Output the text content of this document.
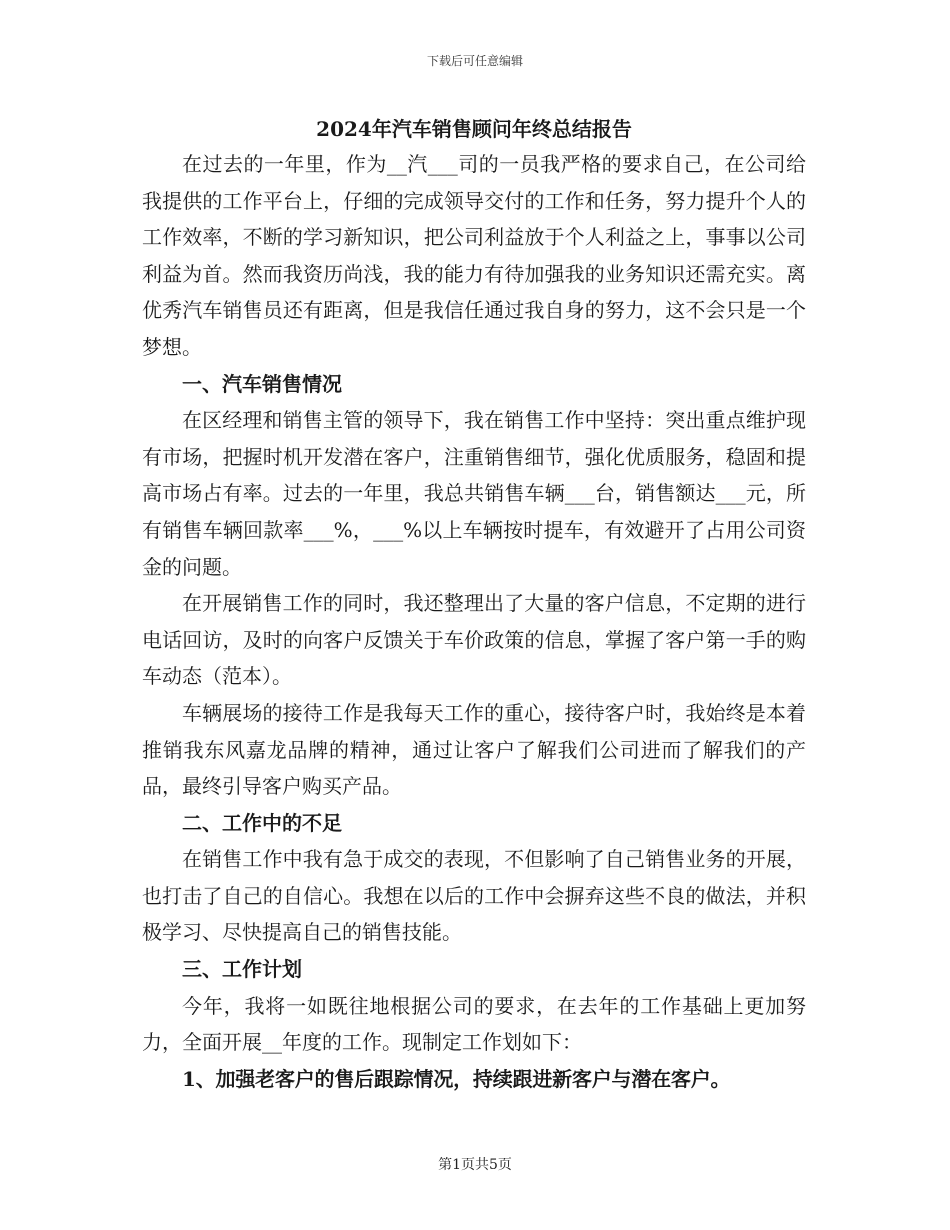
下载后可任意编辑
2024年汽车销售顾问年终总结报告

在过去的一年里，作为__汽___司的一员我严格的要求自己，在公司给我提供的工作平台上，仔细的完成领导交付的工作和任务，努力提升个人的工作效率，不断的学习新知识，把公司利益放于个人利益之上，事事以公司利益为首。然而我资历尚浅，我的能力有待加强我的业务知识还需充实。离优秀汽车销售员还有距离，但是我信任通过我自身的努力，这不会只是一个梦想。

一、汽车销售情况

在区经理和销售主管的领导下，我在销售工作中坚持：突出重点维护现有市场，把握时机开发潜在客户，注重销售细节，强化优质服务，稳固和提高市场占有率。过去的一年里，我总共销售车辆___台，销售额达___元，所有销售车辆回款率___%，___%以上车辆按时提车，有效避开了占用公司资金的问题。

在开展销售工作的同时，我还整理出了大量的客户信息，不定期的进行电话回访，及时的向客户反馈关于车价政策的信息，掌握了客户第一手的购车动态（范本）。

车辆展场的接待工作是我每天工作的重心，接待客户时，我始终是本着推销我东风嘉龙品牌的精神，通过让客户了解我们公司进而了解我们的产品，最终引导客户购买产品。

二、工作中的不足

在销售工作中我有急于成交的表现，不但影响了自己销售业务的开展，也打击了自己的自信心。我想在以后的工作中会摒弃这些不良的做法，并积极学习、尽快提高自己的销售技能。

三、工作计划

今年，我将一如既往地根据公司的要求，在去年的工作基础上更加努力，全面开展__年度的工作。现制定工作划如下：

1、加强老客户的售后跟踪情况，持续跟进新客户与潜在客户。

第1页共5页
